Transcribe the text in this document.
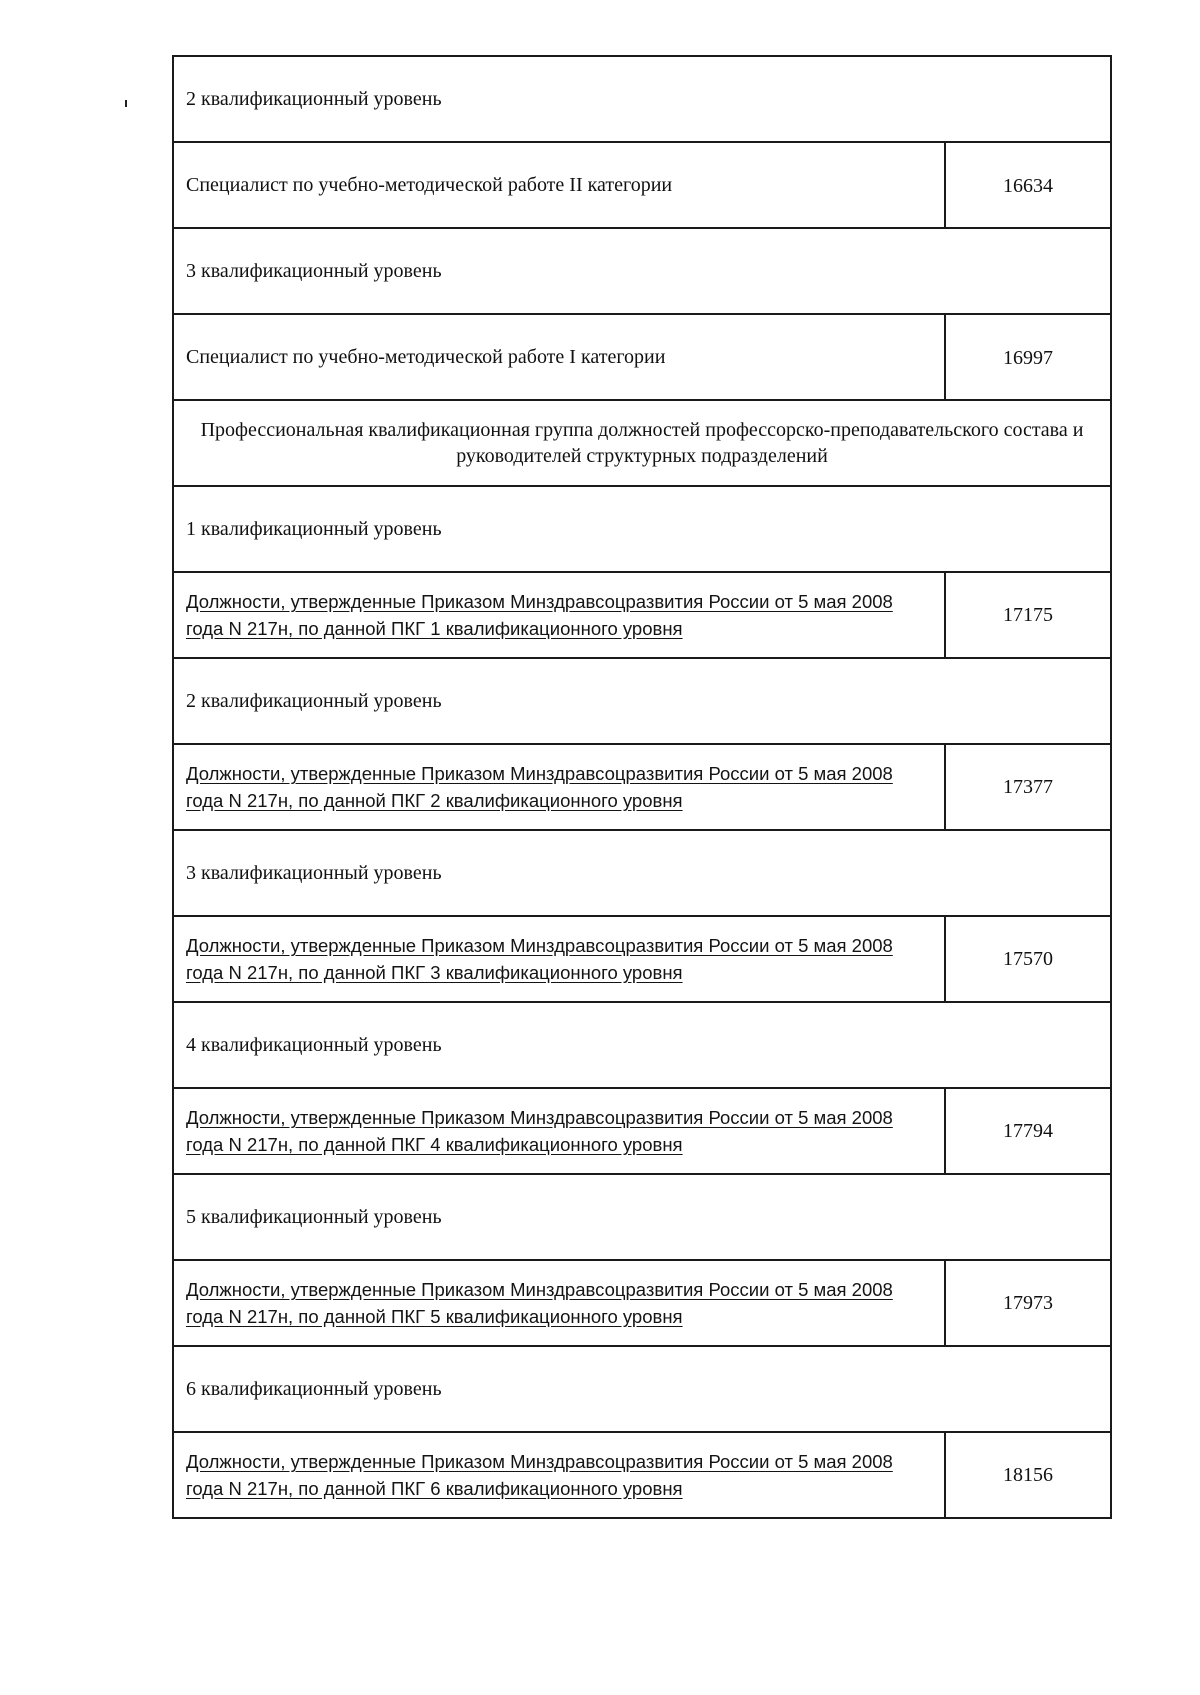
2 квалификационный уровень	
Специалист по учебно-методической работе II категории	16634
3 квалификационный уровень	
Специалист по учебно-методической работе I категории	16997
Профессиональная квалификационная группа должностей профессорско-преподавательского состава и руководителей структурных подразделений	
1 квалификационный уровень	
Должности, утвержденные Приказом Минздравсоцразвития России от 5 мая 2008 года N 217н, по данной ПКГ 1 квалификационного уровня	17175
2 квалификационный уровень	
Должности, утвержденные Приказом Минздравсоцразвития России от 5 мая 2008 года N 217н, по данной ПКГ 2 квалификационного уровня	17377
3 квалификационный уровень	
Должности, утвержденные Приказом Минздравсоцразвития России от 5 мая 2008 года N 217н, по данной ПКГ 3 квалификационного уровня	17570
4 квалификационный уровень	
Должности, утвержденные Приказом Минздравсоцразвития России от 5 мая 2008 года N 217н, по данной ПКГ 4 квалификационного уровня	17794
5 квалификационный уровень	
Должности, утвержденные Приказом Минздравсоцразвития России от 5 мая 2008 года N 217н, по данной ПКГ 5 квалификационного уровня	17973
6 квалификационный уровень	
Должности, утвержденные Приказом Минздравсоцразвития России от 5 мая 2008 года N 217н, по данной ПКГ 6 квалификационного уровня	18156
